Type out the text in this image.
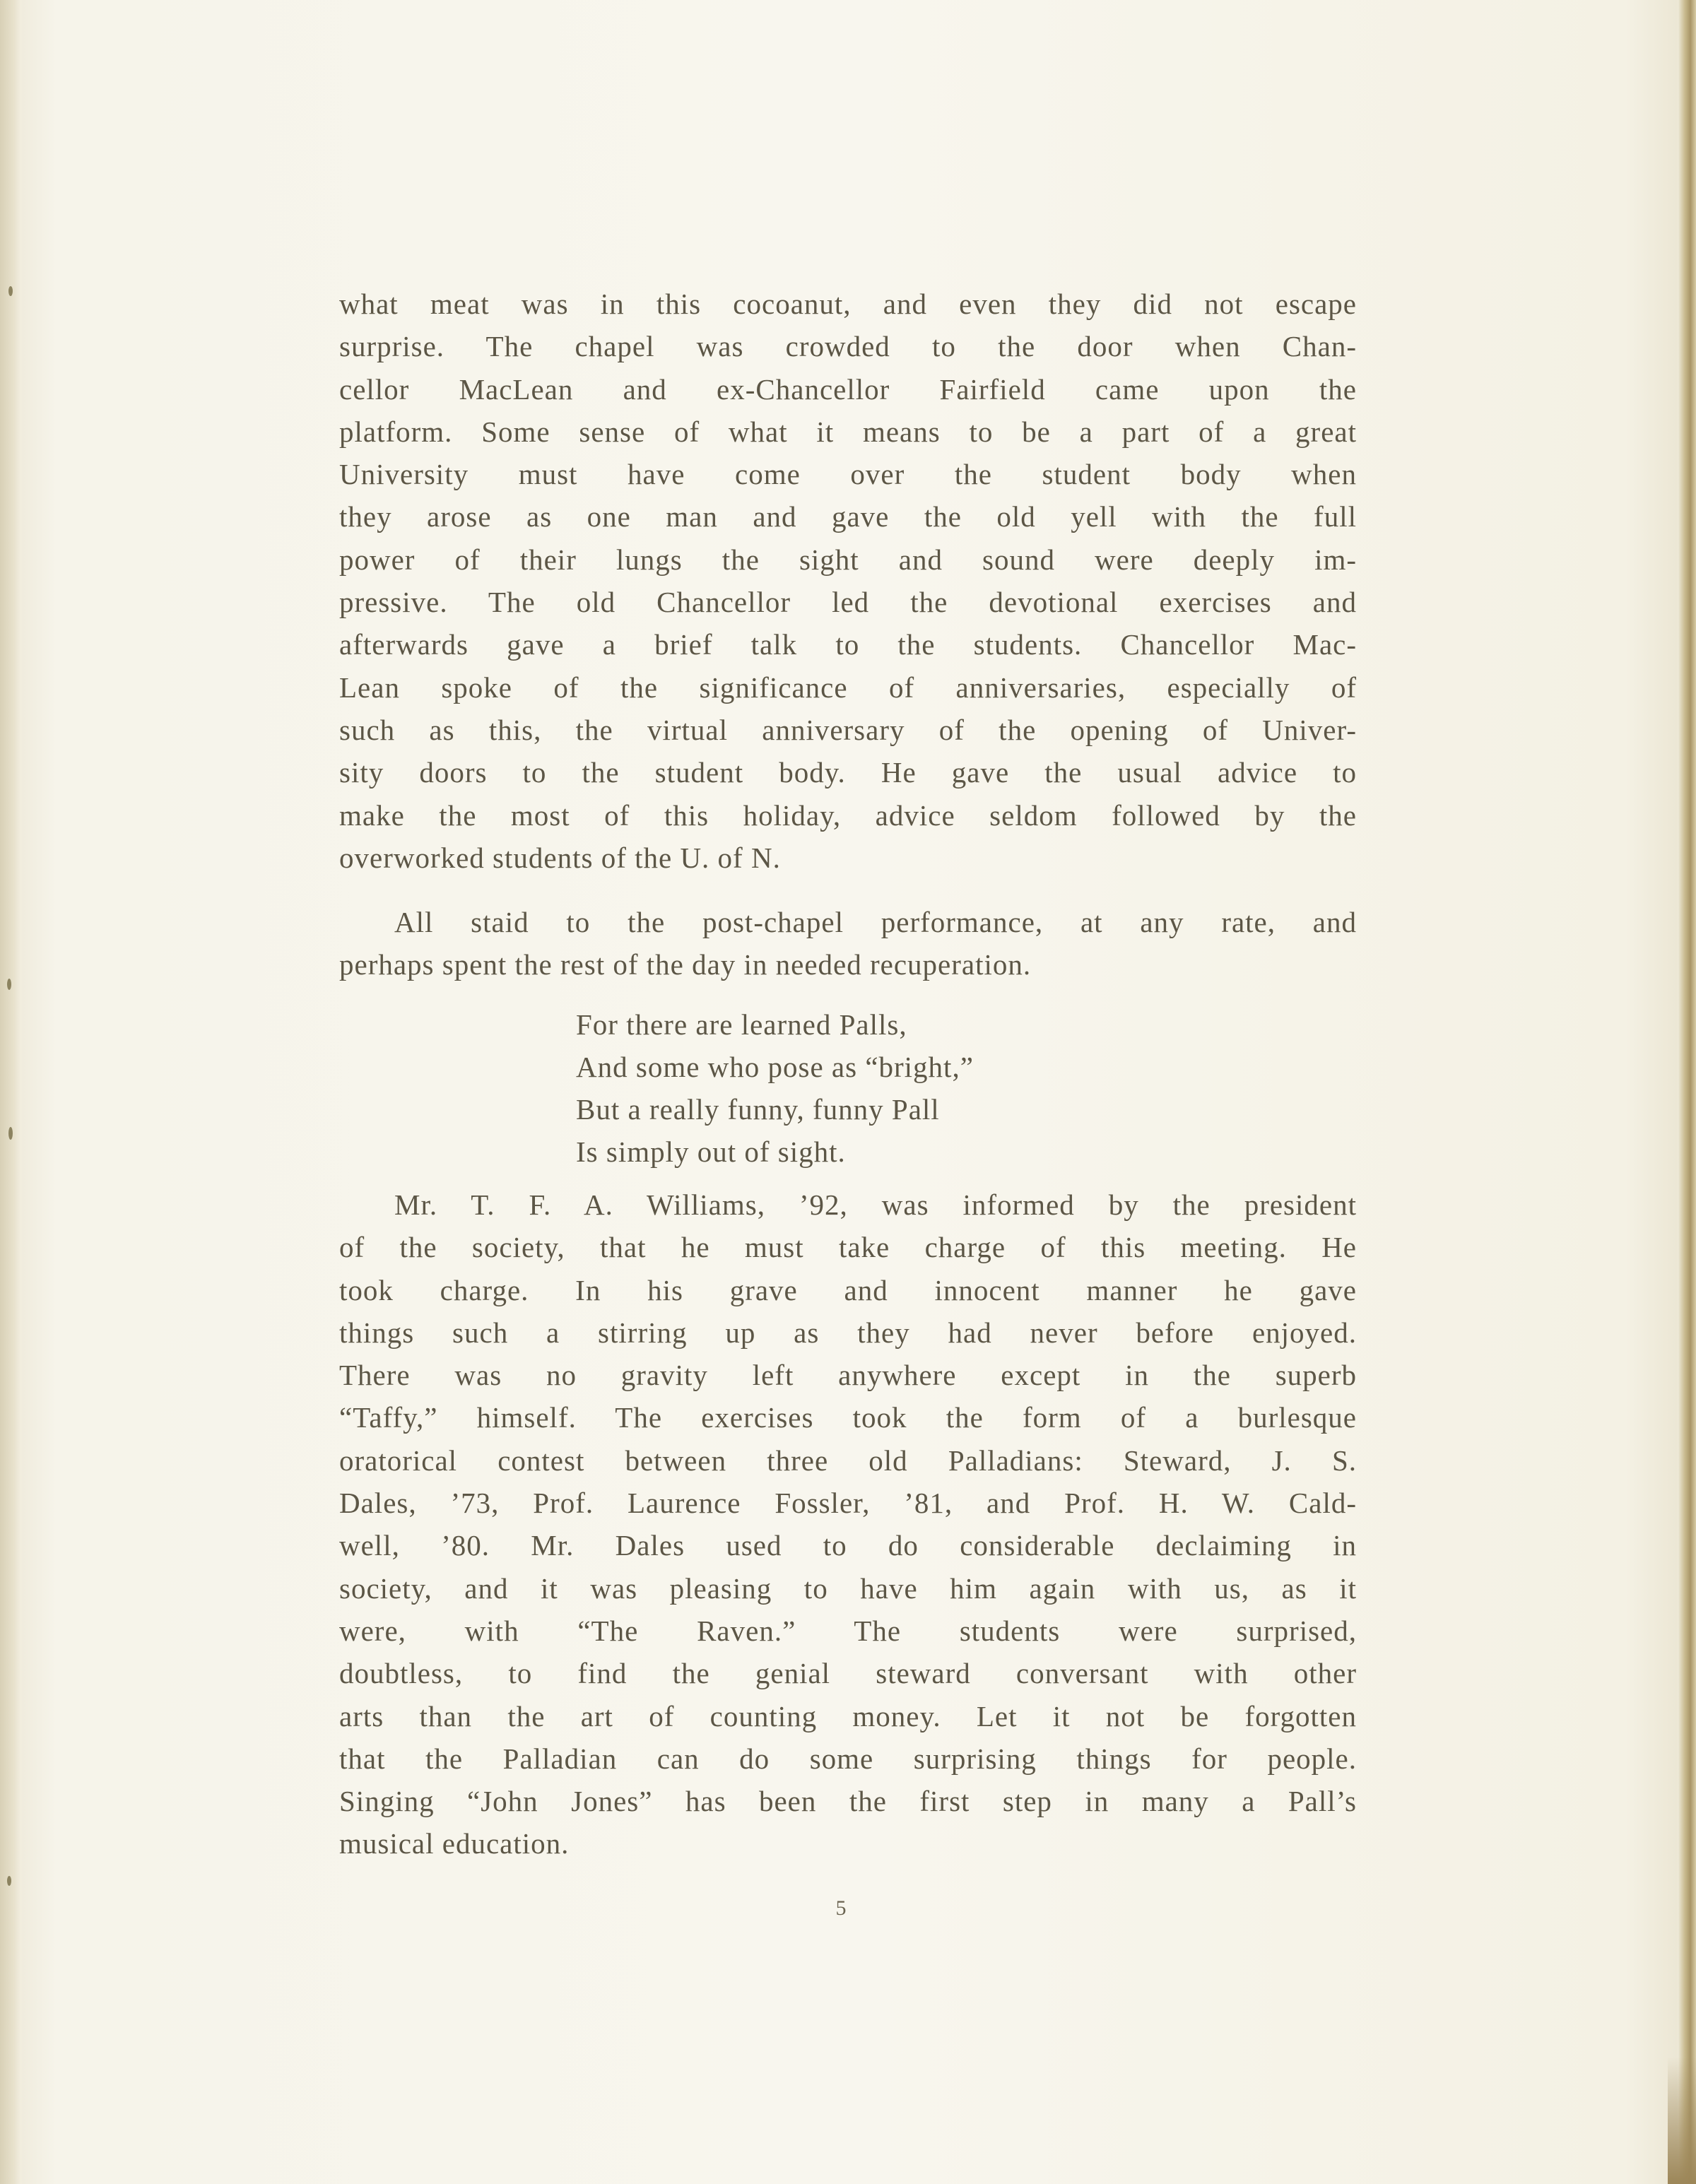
what meat was in this cocoanut, and even they did not escape

surprise. The chapel was crowded to the door when Chan-

cellor MacLean and ex-Chancellor Fairfield came upon the

platform. Some sense of what it means to be a part of a great

University must have come over the student body when

they arose as one man and gave the old yell with the full

power of their lungs the sight and sound were deeply im-

pressive. The old Chancellor led the devotional exercises and

afterwards gave a brief talk to the students. Chancellor Mac-

Lean spoke of the significance of anniversaries, especially of

such as this, the virtual anniversary of the opening of Univer-

sity doors to the student body. He gave the usual advice to

make the most of this holiday, advice seldom followed by the

overworked students of the U. of N.

All staid to the post-chapel performance, at any rate, and

perhaps spent the rest of the day in needed recuperation.

For there are learned Palls,
And some who pose as “bright,”
But a really funny, funny Pall
Is simply out of sight.

Mr. T. F. A. Williams, ’92, was informed by the president

of the society, that he must take charge of this meeting. He

took charge. In his grave and innocent manner he gave

things such a stirring up as they had never before enjoyed.

There was no gravity left anywhere except in the superb

“Taffy,” himself. The exercises took the form of a burlesque

oratorical contest between three old Palladians: Steward, J. S.

Dales, ’73, Prof. Laurence Fossler, ’81, and Prof. H. W. Cald-

well, ’80. Mr. Dales used to do considerable declaiming in

society, and it was pleasing to have him again with us, as it

were, with “The Raven.” The students were surprised,

doubtless, to find the genial steward conversant with other

arts than the art of counting money. Let it not be forgotten

that the Palladian can do some surprising things for people.

Singing “John Jones” has been the first step in many a Pall’s

musical education.

5
